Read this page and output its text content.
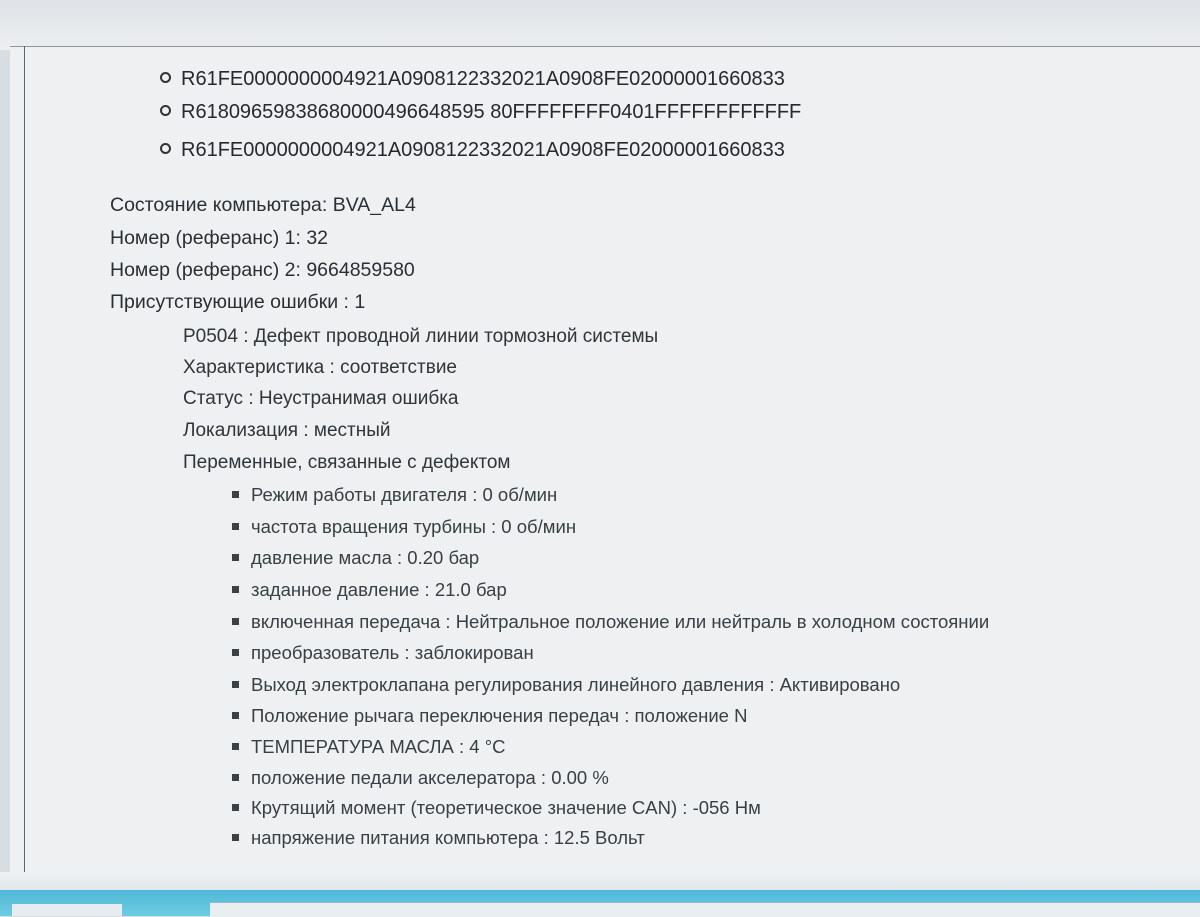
R61FE0000000004921A0908122332021A0908FE02000001660833
R61809659838680000496648595 80FFFFFFFF0401FFFFFFFFFFFF
R61FE0000000004921A0908122332021A0908FE02000001660833
Состояние компьютера: BVA_AL4
Номер (реферанс) 1: 32
Номер (реферанс) 2: 9664859580
Присутствующие ошибки : 1
P0504 : Дефект проводной линии тормозной системы
Характеристика : соответствие
Статус : Неустранимая ошибка
Локализация : местный
Переменные, связанные с дефектом
Режим работы двигателя : 0 об/мин
частота вращения турбины : 0 об/мин
давление масла : 0.20 бар
заданное давление : 21.0 бар
включенная передача : Нейтральное положение или нейтраль в холодном состоянии
преобразователь : заблокирован
Выход электроклапана регулирования линейного давления : Активировано
Положение рычага переключения передач : положение N
ТЕМПЕРАТУРА МАСЛА : 4 °C
положение педали акселератора : 0.00 %
Крутящий момент (теоретическое значение CAN) : -056 Нм
напряжение питания компьютера : 12.5 Вольт
